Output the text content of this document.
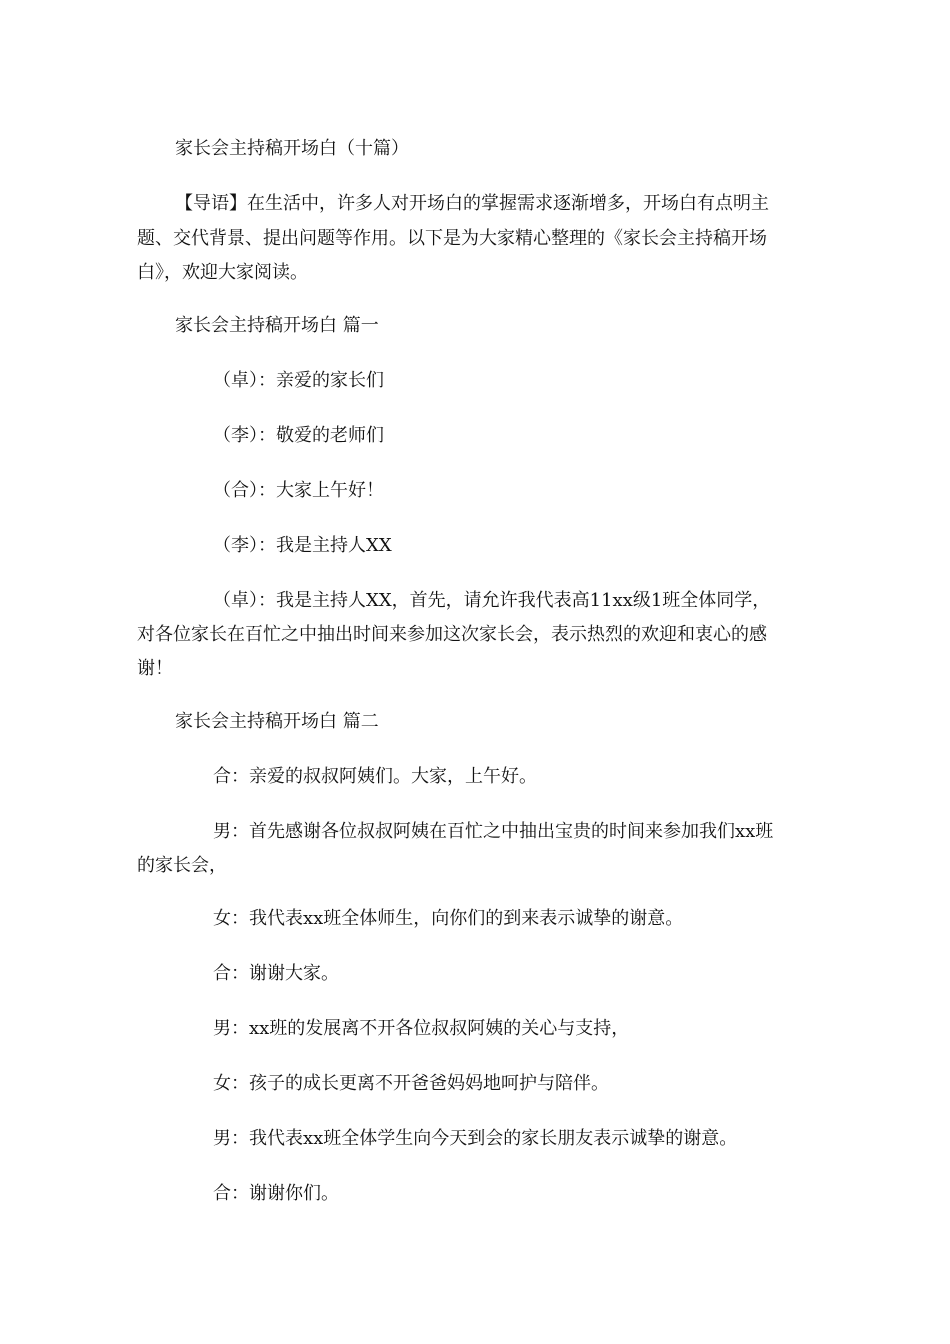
家长会主持稿开场白（十篇）
【导语】在生活中，许多人对开场白的掌握需求逐渐增多，开场白有点明主
题、交代背景、提出问题等作用。以下是为大家精心整理的《家长会主持稿开场
白》，欢迎大家阅读。
家长会主持稿开场白 篇一
（卓）：亲爱的家长们
（李）：敬爱的老师们
（合）：大家上午好！
（李）：我是主持人XX
（卓）：我是主持人XX，首先，请允许我代表高11xx级1班全体同学，
对各位家长在百忙之中抽出时间来参加这次家长会，表示热烈的欢迎和衷心的感
谢！
家长会主持稿开场白 篇二
合：亲爱的叔叔阿姨们。大家，上午好。
男：首先感谢各位叔叔阿姨在百忙之中抽出宝贵的时间来参加我们xx班
的家长会，
女：我代表xx班全体师生，向你们的到来表示诚挚的谢意。
合：谢谢大家。
男：xx班的发展离不开各位叔叔阿姨的关心与支持，
女：孩子的成长更离不开爸爸妈妈地呵护与陪伴。
男：我代表xx班全体学生向今天到会的家长朋友表示诚挚的谢意。
合：谢谢你们。
